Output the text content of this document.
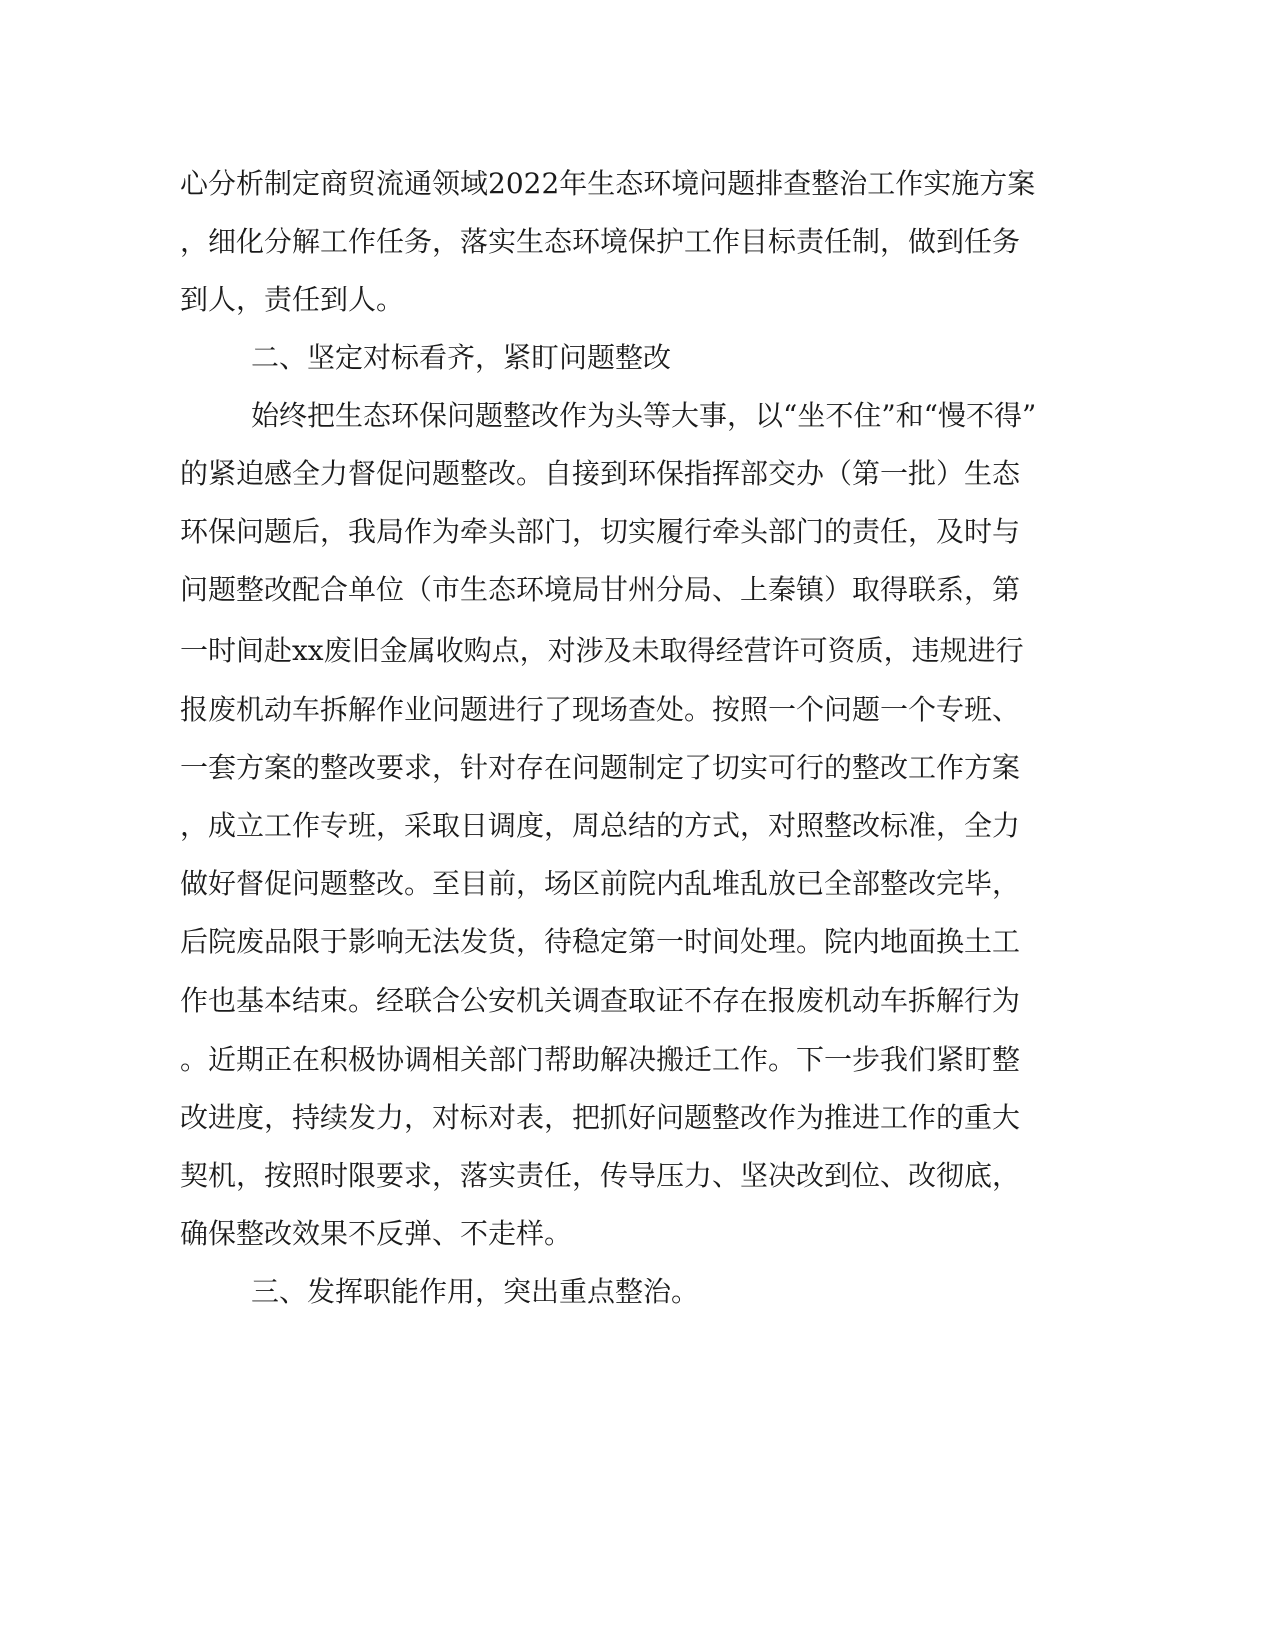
心分析制定商贸流通领域2022年生态环境问题排查整治工作实施方案
，细化分解工作任务，落实生态环境保护工作目标责任制，做到任务
到人，责任到人。
二、坚定对标看齐，紧盯问题整改
始终把生态环保问题整改作为头等大事，以“坐不住”和“慢不得”
的紧迫感全力督促问题整改。自接到环保指挥部交办（第一批）生态
环保问题后，我局作为牵头部门，切实履行牵头部门的责任，及时与
问题整改配合单位（市生态环境局甘州分局、上秦镇）取得联系，第
一时间赴xx废旧金属收购点，对涉及未取得经营许可资质，违规进行
报废机动车拆解作业问题进行了现场查处。按照一个问题一个专班、
一套方案的整改要求，针对存在问题制定了切实可行的整改工作方案
，成立工作专班，采取日调度，周总结的方式，对照整改标准，全力
做好督促问题整改。至目前，场区前院内乱堆乱放已全部整改完毕，
后院废品限于影响无法发货，待稳定第一时间处理。院内地面换土工
作也基本结束。经联合公安机关调查取证不存在报废机动车拆解行为
。近期正在积极协调相关部门帮助解决搬迁工作。下一步我们紧盯整
改进度，持续发力，对标对表，把抓好问题整改作为推进工作的重大
契机，按照时限要求，落实责任，传导压力、坚决改到位、改彻底，
确保整改效果不反弹、不走样。
三、发挥职能作用，突出重点整治。
